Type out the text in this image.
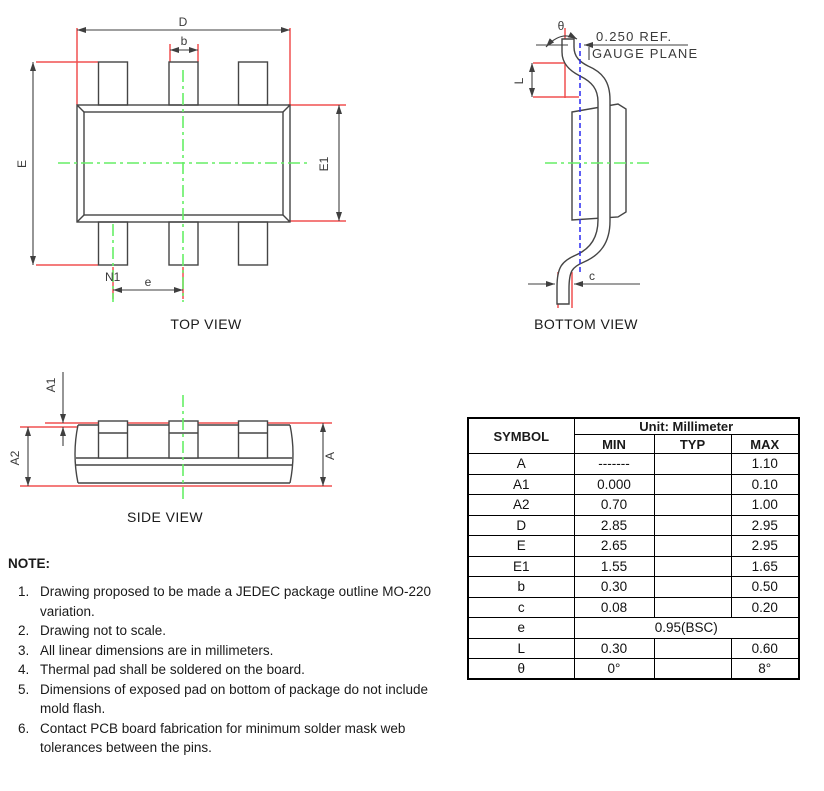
D
b
E	E1
e
N1
A1
A2	A
θ
0.250 REF.
GAUGE PLANE
L
c
TOP VIEW	BOTTOM VIEW
SIDE VIEW
SYMBOL	Unit: Millimeter		
	MIN	TYP	MAX
A	-------		1.10
A1	0.000		0.10
A2	0.70		1.00
D	2.85		2.95
E	2.65		2.95
E1	1.55		1.65
b	0.30		0.50
c	0.08		0.20
e	0.95(BSC)		
L	0.30		0.60
θ	0°		8°
NOTE:
1. Drawing proposed to be made a JEDEC package outline MO-220 variation.
2. Drawing not to scale.
3. All linear dimensions are in millimeters.
4. Thermal pad shall be soldered on the board.
5. Dimensions of exposed pad on bottom of package do not include mold flash.
6. Contact PCB board fabrication for minimum solder mask web tolerances between the pins.
